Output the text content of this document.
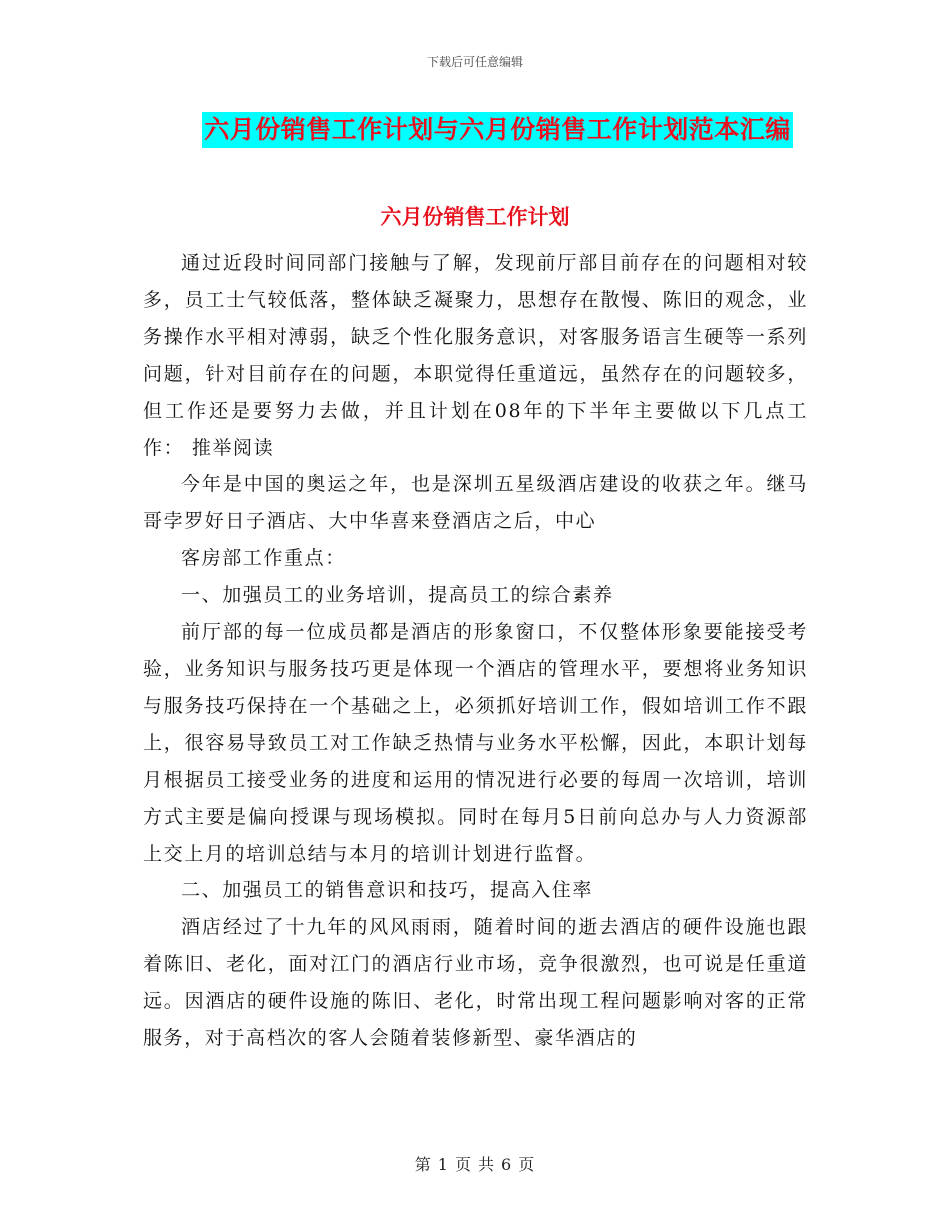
下载后可任意编辑
六月份销售工作计划与六月份销售工作计划范本汇编
六月份销售工作计划

通过近段时间同部门接触与了解，发现前厅部目前存在的问题相对较多，员工士气较低落，整体缺乏凝聚力，思想存在散慢、陈旧的观念，业务操作水平相对溥弱，缺乏个性化服务意识，对客服务语言生硬等一系列问题，针对目前存在的问题，本职觉得任重道远，虽然存在的问题较多，但工作还是要努力去做，并且计划在08年的下半年主要做以下几点工作： 推举阅读

今年是中国的奥运之年，也是深圳五星级酒店建设的收获之年。继马哥孛罗好日子酒店、大中华喜来登酒店之后，中心

客房部工作重点：

一、加强员工的业务培训，提高员工的综合素养

前厅部的每一位成员都是酒店的形象窗口，不仅整体形象要能接受考验，业务知识与服务技巧更是体现一个酒店的管理水平，要想将业务知识与服务技巧保持在一个基础之上，必须抓好培训工作，假如培训工作不跟上，很容易导致员工对工作缺乏热情与业务水平松懈，因此，本职计划每月根据员工接受业务的进度和运用的情况进行必要的每周一次培训，培训方式主要是偏向授课与现场模拟。同时在每月5日前向总办与人力资源部上交上月的培训总结与本月的培训计划进行监督。

二、加强员工的销售意识和技巧，提高入住率

酒店经过了十九年的风风雨雨，随着时间的逝去酒店的硬件设施也跟着陈旧、老化，面对江门的酒店行业市场，竞争很激烈，也可说是任重道远。因酒店的硬件设施的陈旧、老化，时常出现工程问题影响对客的正常服务，对于高档次的客人会随着装修新型、豪华酒店的

第 1 页 共 6 页
